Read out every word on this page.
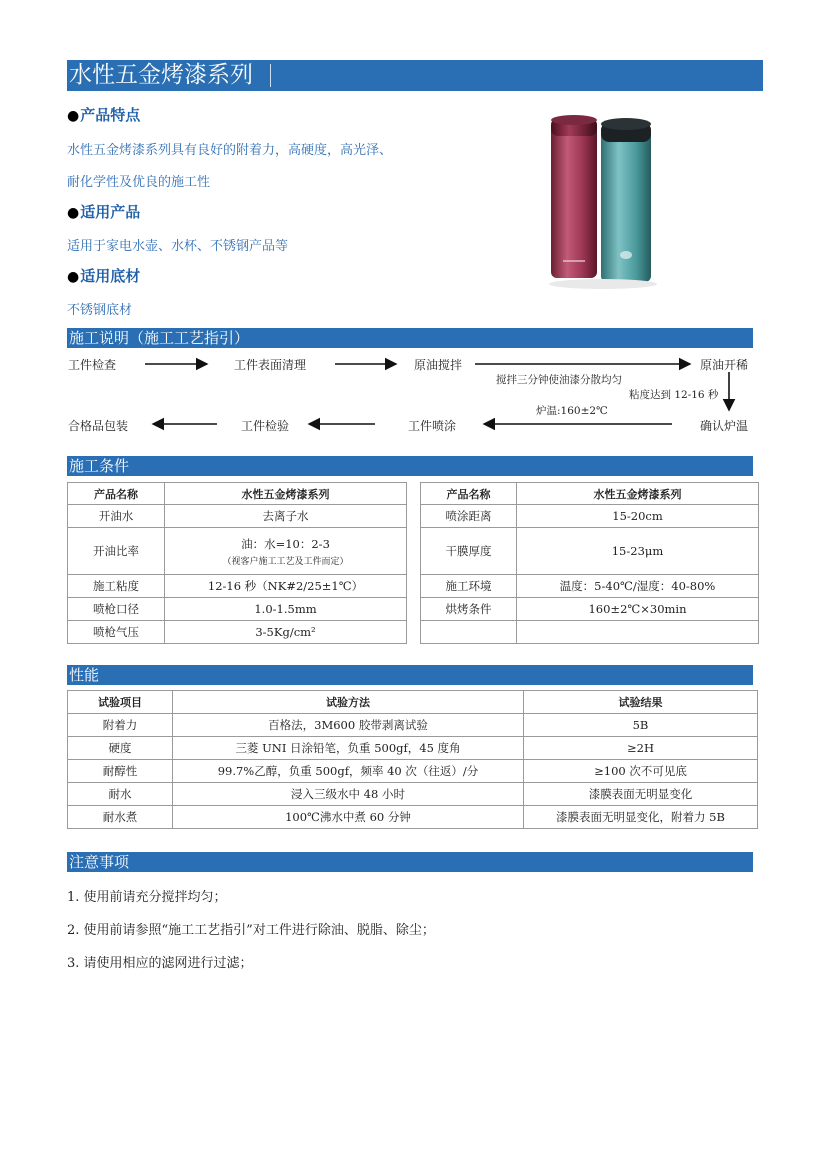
水性五金烤漆系列
●产品特点
水性五金烤漆系列具有良好的附着力，高硬度，高光泽、
耐化学性及优良的施工性
●适用产品
适用于家电水壶、水杯、不锈钢产品等
●适用底材
不锈钢底材
施工说明（施工工艺指引）
工件检查	工件表面清理	原油搅拌	原油开稀
搅拌三分钟使油漆分散均匀
粘度达到 12-16 秒
炉温:160±2℃
合格品包装	工件检验	工件喷涂	确认炉温
施工条件
产品名称	水性五金烤漆系列
开油水	去离子水
开油比率	油：水=10：2-3
（视客户施工工艺及工件而定）

施工粘度	12-16 秒（NK#2/25±1℃）
喷枪口径	1.0-1.5mm
喷枪气压	3-5Kg/cm²
产品名称	水性五金烤漆系列
喷涂距离	15-20cm
干膜厚度	15-23μm
施工环境	温度：5-40℃/湿度：40-80%
烘烤条件	160±2℃×30min

性能
试验项目	试验方法	试验结果
附着力	百格法，3M600 胶带剥离试验	5B
硬度	三菱 UNI 日涂铅笔，负重 500gf，45 度角	≥2H
耐醇性	99.7%乙醇，负重 500gf，频率 40 次（往返）/分	≥100 次不可见底
耐水	浸入三级水中 48 小时	漆膜表面无明显变化
耐水煮	100℃沸水中煮 60 分钟	漆膜表面无明显变化，附着力 5B
注意事项
1. 使用前请充分搅拌均匀；
2. 使用前请参照“施工工艺指引”对工件进行除油、脱脂、除尘；
3. 请使用相应的滤网进行过滤；
